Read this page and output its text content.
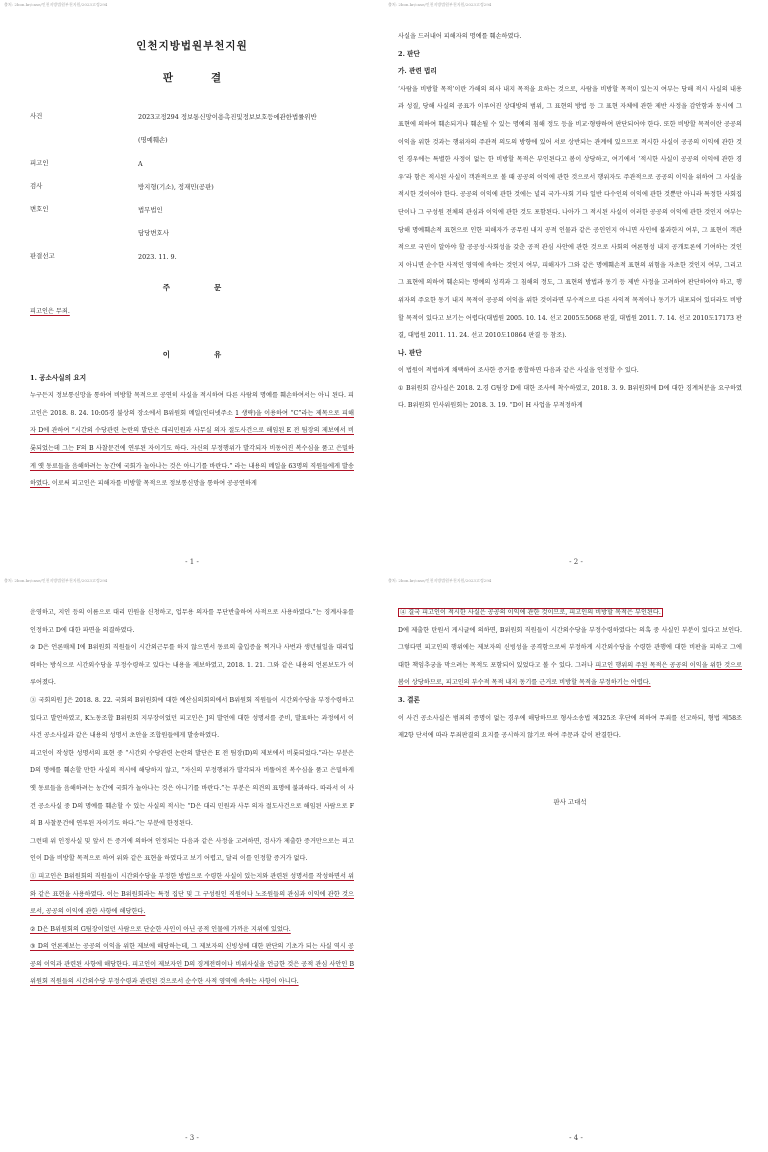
출처: 2bon.kr/case/인천지방법원부천지원/2023고정294
인천지방법원부천지원
판결
사건	2023고정294 정보통신망이용촉진및정보보호등에관한법률위반
(명예훼손)
피고인	A
검사	방지형(기소), 정재민(공판)
변호인	법무법인
담당변호사
판결선고	2023. 11. 9.
주문

피고인은 무죄.

이유

1. 공소사실의 요지

누구든지 정보통신망을 통하여 비방할 목적으로 공연히 사실을 적시하여 다른 사람의 명예를 훼손하여서는 아니 된다. 피고인은 2018. 8. 24. 10:05경 불상의 장소에서 B위원회 메일(인터넷주소 1 생략)을 이용하여 “C”라는 제목으로 피해자 D에 관하여 “시간외 수당관련 논란의 발단은 대리민원과 사무실 의자 절도사건으로 해임된 E 전 팀장의 제보에서 비롯되었는데 그는 F의 B 사찰문건에 연루된 자이기도 하다. 자신의 부정행위가 발각되자 비동어진 복수심을 품고 은밀하게 옛 동료들을 음해하려는 농간에 국회가 놀아나는 것은 아니기를 바란다.” 라는 내용의 메일을 63명의 직원들에게 발송하였다. 이로써 피고인은 피해자를 비방할 목적으로 정보통신망을 통하여 공공연하게

- 1 -
출처: 2bon.kr/case/인천지방법원부천지원/2023고정294

사실을 드러내어 피해자의 명예를 훼손하였다.

2. 판단

가. 관련 법리

‘사람을 비방할 목적’이란 가해의 의사 내지 목적을 요하는 것으로, 사람을 비방할 목적이 있는지 여부는 당해 적시 사실의 내용과 성질, 당해 사실의 공표가 이루어진 상대방의 범위, 그 표현의 방법 등 그 표현 자체에 관한 제반 사정을 감안함과 동시에 그 표현에 의하여 훼손되거나 훼손될 수 있는 명예의 침해 정도 등을 비교·형량하여 판단되어야 한다. 또한 비방할 목적이란 공공의 이익을 위한 것과는 행위자의 주관적 의도의 방향에 있어 서로 상반되는 관계에 있으므로 적시한 사실이 공공의 이익에 관한 것인 경우에는 특별한 사정이 없는 한 비방할 목적은 부인된다고 봄이 상당하고, 여기에서 ‘적시한 사실이 공공의 이익에 관한 경우’라 함은 적시된 사실이 객관적으로 볼 때 공공의 이익에 관한 것으로서 행위자도 주관적으로 공공의 이익을 위하여 그 사실을 적시한 것이어야 한다. 공공의 이익에 관한 것에는 널리 국가·사회 기타 일반 다수인의 이익에 관한 것뿐만 아니라 특정한 사회집단이나 그 구성원 전체의 관심과 이익에 관한 것도 포함된다. 나아가 그 적시된 사실이 이러한 공공의 이익에 관한 것인지 여부는 당해 명예훼손적 표현으로 인한 피해자가 공무원 내지 공적 인물과 같은 공인인지 아니면 사인에 불과한지 여부, 그 표현이 객관적으로 국민이 알아야 할 공공성·사회성을 갖춘 공적 관심 사안에 관한 것으로 사회의 여론형성 내지 공개토론에 기여하는 것인지 아니면 순수한 사적인 영역에 속하는 것인지 여부, 피해자가 그와 같은 명예훼손적 표현의 위험을 자초한 것인지 여부, 그리고 그 표현에 의하여 훼손되는 명예의 성격과 그 침해의 정도, 그 표현의 방법과 동기 등 제반 사정을 고려하여 판단하여야 하고, 행위자의 주요한 동기 내지 목적이 공공의 이익을 위한 것이라면 부수적으로 다른 사익적 목적이나 동기가 내포되어 있더라도 비방할 목적이 있다고 보기는 어렵다(대법원 2005. 10. 14. 선고 2005도5068 판결, 대법원 2011. 7. 14. 선고 2010도17173 판결, 대법원 2011. 11. 24. 선고 2010도10864 판결 등 참조).

나. 판단

이 법원이 적법하게 채택하여 조사한 증거를 종합하면 다음과 같은 사실을 인정할 수 있다.

① B위원회 감사실은 2018. 2.경 G팀장 D에 대한 조사에 착수하였고, 2018. 3. 9. B위원회에 D에 대한 징계처분을 요구하였다. B위원회 인사위원회는 2018. 3. 19. “D이 H 사업을 부적정하게

- 2 -
출처: 2bon.kr/case/인천지방법원부천지원/2023고정294

운영하고, 지인 등의 이름으로 대리 민원을 신청하고, 업무용 의자를 무단반출하여 사적으로 사용하였다.”는 징계사유를 인정하고 D에 대한 파면을 의결하였다.

② D은 언론매체 I에 B위원회 직원들이 시간외근무를 하지 않으면서 동료의 출입증을 찍거나 사번과 생년월일을 대리입력하는 방식으로 시간외수당을 부정수령하고 있다는 내용을 제보하였고, 2018. 1. 21. 그와 같은 내용의 언론보도가 이루어졌다.

③ 국회의원 J은 2018. 8. 22. 국회의 B위원회에 대한 예산심의회의에서 B위원회 직원들이 시간외수당을 부정수령하고 있다고 발언하였고, K노동조합 B위원회 지부장이었던 피고인은 J의 발언에 대한 성명서를 준비, 발표하는 과정에서 이 사건 공소사실과 같은 내용의 성명서 초안을 조합원들에게 발송하였다.

피고인이 작성한 성명서의 표현 중 “시간외 수당관련 논란의 발단은 E 전 팀장(D)의 제보에서 비롯되었다.”라는 부분은 D의 명예를 훼손할 만한 사실의 적시에 해당하지 않고, “자신의 부정행위가 발각되자 비뚤어진 복수심을 품고 은밀하게 옛 동료들을 음해하려는 농간에 국회가 놀아나는 것은 아니기를 바란다.”는 부분은 의견의 표명에 불과하다. 따라서 이 사건 공소사실 중 D의 명예를 훼손할 수 있는 사실의 적시는 “D은 대리 민원과 사무 의자 절도사건으로 해임된 사람으로 F의 B 사찰문건에 연루된 자이기도 하다.”는 부분에 한정된다.

그런데 위 인정사실 및 앞서 든 증거에 의하여 인정되는 다음과 같은 사정을 고려하면, 검사가 제출한 증거만으로는 피고인이 D을 비방할 목적으로 하여 위와 같은 표현을 하였다고 보기 어렵고, 달리 이를 인정할 증거가 없다.

① 피고인은 B위원회의 직원들이 시간외수당을 부정한 방법으로 수령한 사실이 있는지와 관련된 성명서를 작성하면서 위와 같은 표현을 사용하였다. 이는 B위원회라는 특정 집단 및 그 구성원인 직원이나 노조원들의 관심과 이익에 관한 것으로서, 공공의 이익에 관한 사항에 해당한다.

② D은 B위원회의 G팀장이었던 사람으로 단순한 사인이 아닌 공적 인물에 가까운 지위에 있었다.

③ D의 언론제보는 공공의 이익을 위한 제보에 해당하는데, 그 제보자의 신빙성에 대한 판단의 기초가 되는 사실 역시 공공의 이익과 관련된 사항에 해당한다. 피고인이 제보자인 D의 징계전력이나 비위사실을 언급한 것은 공적 관심 사안인 B위원회 직원들의 시간외수당 부정수령과 관련된 것으로서 순수한 사적 영역에 속하는 사항이 아니다.

- 3 -
출처: 2bon.kr/case/인천지방법원부천지원/2023고정294

④ 결국 피고인이 적시한 사실은 공공의 이익에 관한 것이므로, 피고인의 비방할 목적은 부인된다.

D에 제출한 탄원서 게시글에 의하면, B위원회 직원들이 시간외수당을 부정수령하였다는 의혹 중 사실인 부분이 있다고 보인다. 그렇다면 피고인의 행위에는 제보자의 신빙성을 공격함으로써 부정하게 시간외수당을 수령한 관행에 대한 비판을 피하고 그에 대한 책임추궁을 막으려는 목적도 포함되어 있었다고 볼 수 있다. 그러나 피고인 행위의 주된 목적은 공공의 이익을 위한 것으로 봄이 상당하므로, 피고인의 부수적 목적 내지 동기를 근거로 비방할 목적을 부정하기는 어렵다.

3. 결론

이 사건 공소사실은 범죄의 증명이 없는 경우에 해당하므로 형사소송법 제325조 후단에 의하여 무죄를 선고하되, 형법 제58조 제2항 단서에 따라 무죄판결의 요지를 공시하지 않기로 하여 주문과 같이 판결한다.

판사 고대석
- 4 -
